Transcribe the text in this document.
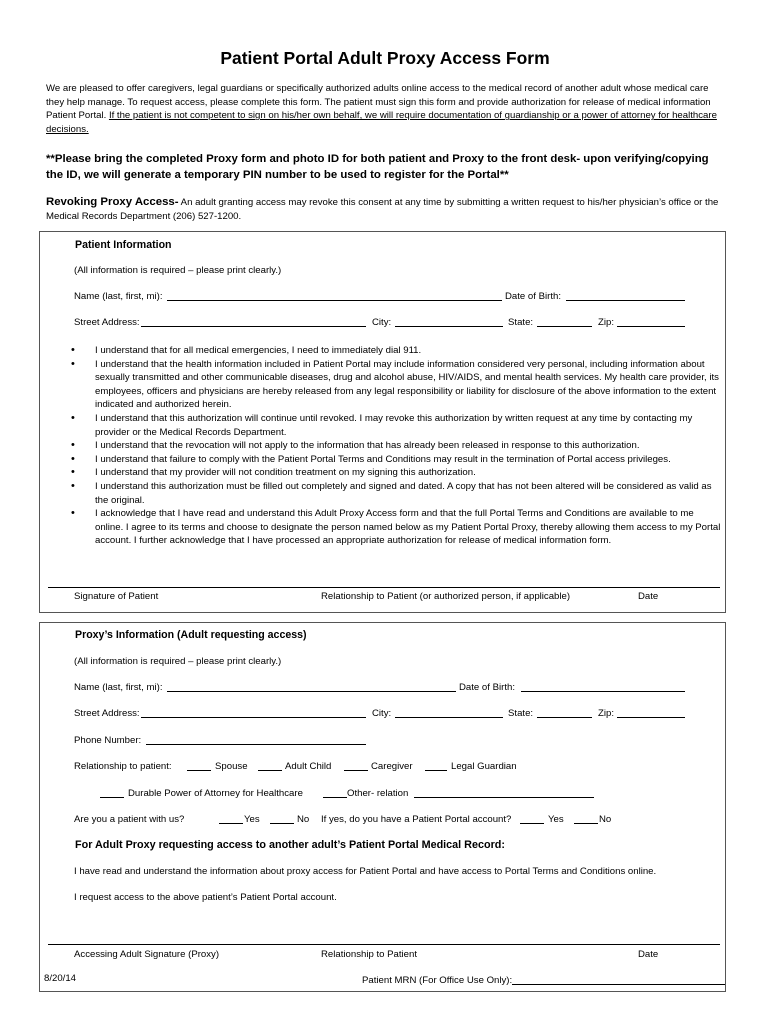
Patient Portal Adult Proxy Access Form
We are pleased to offer caregivers, legal guardians or specifically authorized adults online access to the medical record of another adult whose medical care they help manage. To request access, please complete this form. The patient must sign this form and provide authorization for release of medical information Patient Portal. If the patient is not competent to sign on his/her own behalf, we will require documentation of guardianship or a power of attorney for healthcare decisions.
**Please bring the completed Proxy form and photo ID for both patient and Proxy to the front desk- upon verifying/copying the ID, we will generate a temporary PIN number to be used to register for the Portal**
Revoking Proxy Access- An adult granting access may revoke this consent at any time by submitting a written request to his/her physician’s office or the Medical Records Department (206) 527-1200.
Patient Information
(All information is required – please print clearly.)
Name (last, first, mi):	Date of Birth:
Street Address:	City:	State:	Zip:
• I understand that for all medical emergencies, I need to immediately dial 911.
• I understand that the health information included in Patient Portal may include information considered very personal, including information about sexually transmitted and other communicable diseases, drug and alcohol abuse, HIV/AIDS, and mental health services. My health care provider, its employees, officers and physicians are hereby released from any legal responsibility or liability for disclosure of the above information to the extent indicated and authorized herein.
• I understand that this authorization will continue until revoked. I may revoke this authorization by written request at any time by contacting my provider or the Medical Records Department.
• I understand that the revocation will not apply to the information that has already been released in response to this authorization.
• I understand that failure to comply with the Patient Portal Terms and Conditions may result in the termination of Portal access privileges.
• I understand that my provider will not condition treatment on my signing this authorization.
• I understand this authorization must be filled out completely and signed and dated. A copy that has not been altered will be considered as valid as the original.
• I acknowledge that I have read and understand this Adult Proxy Access form and that the full Portal Terms and Conditions are available to me online. I agree to its terms and choose to designate the person named below as my Patient Portal Proxy, thereby allowing them access to my Portal account. I further acknowledge that I have processed an appropriate authorization for release of medical information form.
Signature of Patient	Relationship to Patient (or authorized person, if applicable)	Date
Proxy’s Information (Adult requesting access)
(All information is required – please print clearly.)
Name (last, first, mi):	Date of Birth:
Street Address:	City:	State:	Zip:
Phone Number:
Relationship to patient:	Spouse	Adult Child	Caregiver	Legal Guardian
Durable Power of Attorney for Healthcare	Other- relation
Are you a patient with us?	Yes	No If yes, do you have a Patient Portal account?	Yes	No
For Adult Proxy requesting access to another adult’s Patient Portal Medical Record:
I have read and understand the information about proxy access for Patient Portal and have access to Portal Terms and Conditions online.
I request access to the above patient’s Patient Portal account.
Accessing Adult Signature (Proxy)	Relationship to Patient	Date
8/20/14	Patient MRN (For Office Use Only):
